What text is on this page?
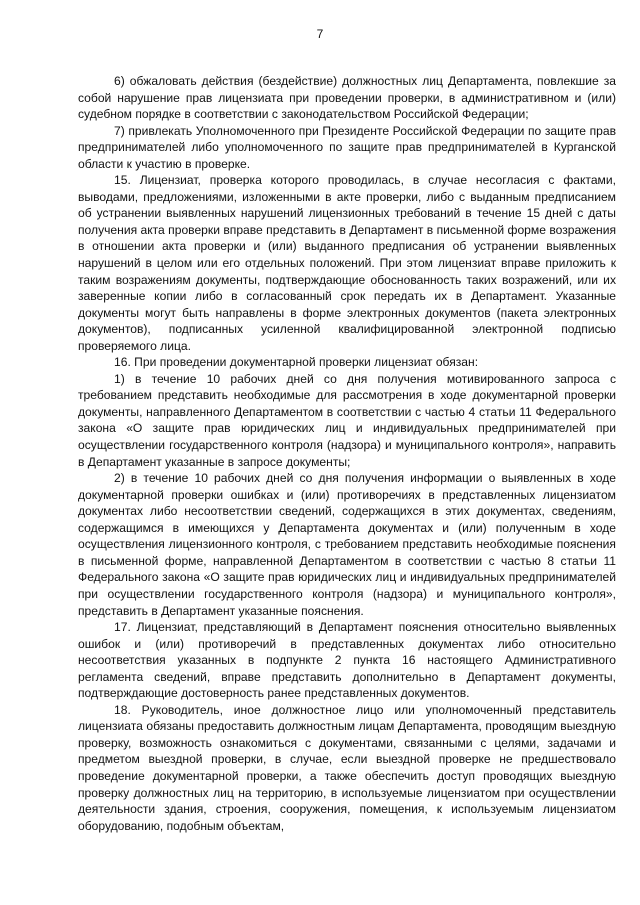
7

6) обжаловать действия (бездействие) должностных лиц Департамента, повлекшие за собой нарушение прав лицензиата при проведении проверки, в административном и (или) судебном порядке в соответствии с законодательством Российской Федерации;

7) привлекать Уполномоченного при Президенте Российской Федерации по защите прав предпринимателей либо уполномоченного по защите прав предпринимателей в Курганской области к участию в проверке.

15. Лицензиат, проверка которого проводилась, в случае несогласия с фактами, выводами, предложениями, изложенными в акте проверки, либо с выданным предписанием об устранении выявленных нарушений лицензионных требований в течение 15 дней с даты получения акта проверки вправе представить в Департамент в письменной форме возражения в отношении акта проверки и (или) выданного предписания об устранении выявленных нарушений в целом или его отдельных положений. При этом лицензиат вправе приложить к таким возражениям документы, подтверждающие обоснованность таких возражений, или их заверенные копии либо в согласованный срок передать их в Департамент. Указанные документы могут быть направлены в форме электронных документов (пакета электронных документов), подписанных усиленной квалифицированной электронной подписью проверяемого лица.

16. При проведении документарной проверки лицензиат обязан:

1) в течение 10 рабочих дней со дня получения мотивированного запроса с требованием представить необходимые для рассмотрения в ходе документарной проверки документы, направленного Департаментом в соответствии с частью 4 статьи 11 Федерального закона «О защите прав юридических лиц и индивидуальных предпринимателей при осуществлении государственного контроля (надзора) и муниципального контроля», направить в Департамент указанные в запросе документы;

2) в течение 10 рабочих дней со дня получения информации о выявленных в ходе документарной проверки ошибках и (или) противоречиях в представленных лицензиатом документах либо несоответствии сведений, содержащихся в этих документах, сведениям, содержащимся в имеющихся у Департамента документах и (или) полученным в ходе осуществления лицензионного контроля, с требованием представить необходимые пояснения в письменной форме, направленной Департаментом в соответствии с частью 8 статьи 11 Федерального закона «О защите прав юридических лиц и индивидуальных предпринимателей при осуществлении государственного контроля (надзора) и муниципального контроля», представить в Департамент указанные пояснения.

17. Лицензиат, представляющий в Департамент пояснения относительно выявленных ошибок и (или) противоречий в представленных документах либо относительно несоответствия указанных в подпункте 2 пункта 16 настоящего Административного регламента сведений, вправе представить дополнительно в Департамент документы, подтверждающие достоверность ранее представленных документов.

18. Руководитель, иное должностное лицо или уполномоченный представитель лицензиата обязаны предоставить должностным лицам Департамента, проводящим выездную проверку, возможность ознакомиться с документами, связанными с целями, задачами и предметом выездной проверки, в случае, если выездной проверке не предшествовало проведение документарной проверки, а также обеспечить доступ проводящих выездную проверку должностных лиц на территорию, в используемые лицензиатом при осуществлении деятельности здания, строения, сооружения, помещения, к используемым лицензиатом оборудованию, подобным объектам,
